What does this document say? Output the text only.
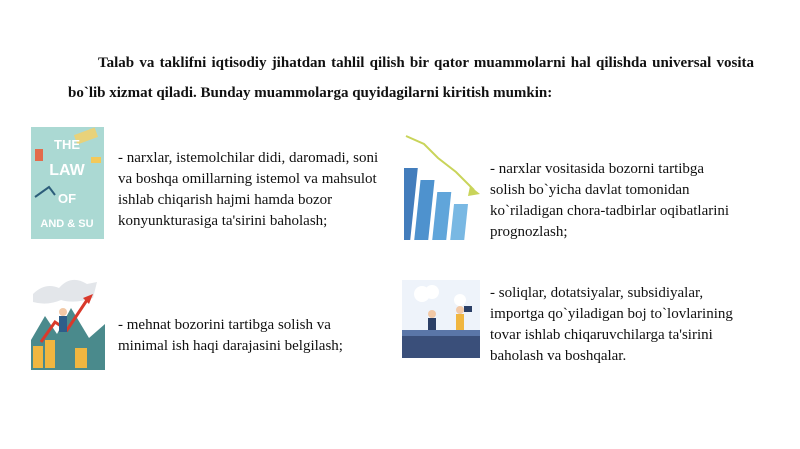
Talab va taklifni iqtisodiy jihatdan tahlil qilish bir qator muammolarni hal qilishda universal vosita bo`lib xizmat qiladi. Bunday muammolarga quyidagilarni kiritish mumkin:
THE
LAW
OF
AND & SU
- narxlar, istemolchilar didi, daromadi, soni va boshqa omillarning istemol va mahsulot ishlab chiqarish hajmi hamda bozor konyunkturasiga ta'sirini baholash;
- narxlar vositasida bozorni tartibga solish bo`yicha davlat tomonidan ko`riladigan chora-tadbirlar oqibatlarini prognozlash;
- mehnat bozorini tartibga solish va minimal ish haqi darajasini belgilash;
- soliqlar, dotatsiyalar, subsidiyalar, importga qo`yiladigan boj to`lovlarining tovar ishlab chiqaruvchilarga ta'sirini baholash va boshqalar.
